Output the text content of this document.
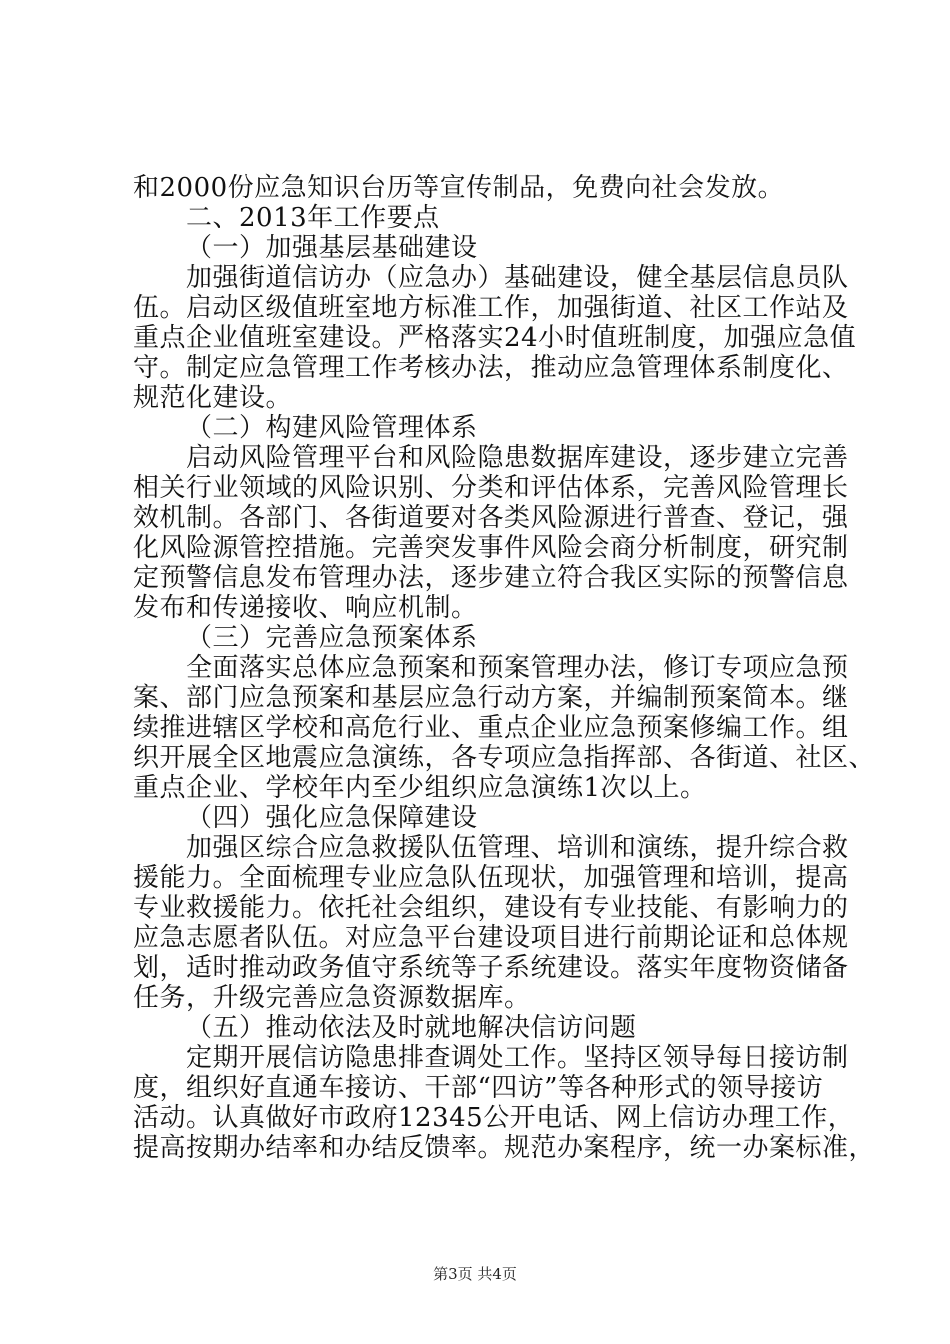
和2000份应急知识台历等宣传制品，免费向社会发放。
二、2013年工作要点
（一）加强基层基础建设
加强街道信访办（应急办）基础建设，健全基层信息员队
伍。启动区级值班室地方标准工作，加强街道、社区工作站及
重点企业值班室建设。严格落实24小时值班制度，加强应急值
守。制定应急管理工作考核办法，推动应急管理体系制度化、
规范化建设。
（二）构建风险管理体系
启动风险管理平台和风险隐患数据库建设，逐步建立完善
相关行业领域的风险识别、分类和评估体系，完善风险管理长
效机制。各部门、各街道要对各类风险源进行普查、登记，强
化风险源管控措施。完善突发事件风险会商分析制度，研究制
定预警信息发布管理办法，逐步建立符合我区实际的预警信息
发布和传递接收、响应机制。
（三）完善应急预案体系
全面落实总体应急预案和预案管理办法，修订专项应急预
案、部门应急预案和基层应急行动方案，并编制预案简本。继
续推进辖区学校和高危行业、重点企业应急预案修编工作。组
织开展全区地震应急演练，各专项应急指挥部、各街道、社区、
重点企业、学校年内至少组织应急演练1次以上。
（四）强化应急保障建设
加强区综合应急救援队伍管理、培训和演练，提升综合救
援能力。全面梳理专业应急队伍现状，加强管理和培训，提高
专业救援能力。依托社会组织，建设有专业技能、有影响力的
应急志愿者队伍。对应急平台建设项目进行前期论证和总体规
划，适时推动政务值守系统等子系统建设。落实年度物资储备
任务，升级完善应急资源数据库。
（五）推动依法及时就地解决信访问题
定期开展信访隐患排查调处工作。坚持区领导每日接访制
度，组织好直通车接访、干部“四访”等各种形式的领导接访
活动。认真做好市政府12345公开电话、网上信访办理工作，
提高按期办结率和办结反馈率。规范办案程序，统一办案标准，
第3页 共4页
